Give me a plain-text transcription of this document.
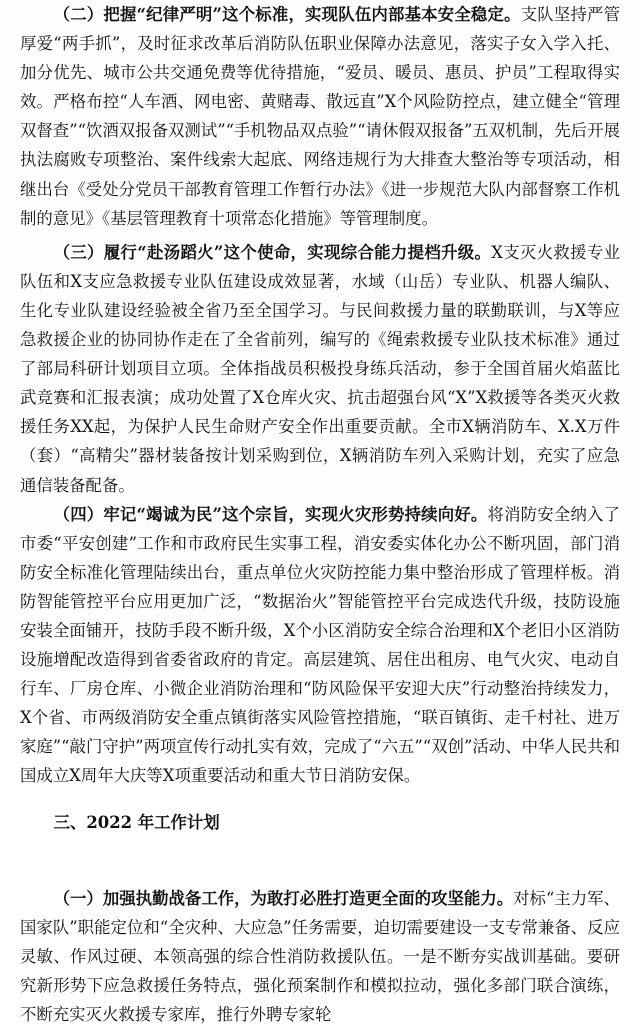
（二）把握“纪律严明”这个标准，实现队伍内部基本安全稳定。支队坚持严管厚爱“两手抓”，及时征求改革后消防队伍职业保障办法意见，落实子女入学入托、加分优先、城市公共交通免费等优待措施，“爱员、暖员、惠员、护员”工程取得实效。严格布控“人车酒、网电密、黄赌毒、散远直”X个风险防控点，建立健全“管理双督查”“饮酒双报备双测试”“手机物品双点验”“请休假双报备”五双机制，先后开展执法腐败专项整治、案件线索大起底、网络违规行为大排查大整治等专项活动，相继出台《受处分党员干部教育管理工作暂行办法》《进一步规范大队内部督察工作机制的意见》《基层管理教育十项常态化措施》等管理制度。

（三）履行“赴汤蹈火”这个使命，实现综合能力提档升级。X支灭火救援专业队伍和X支应急救援专业队伍建设成效显著，水域（山岳）专业队、机器人编队、生化专业队建设经验被全省乃至全国学习。与民间救援力量的联勤联训，与X等应急救援企业的协同协作走在了全省前列，编写的《绳索救援专业队技术标准》通过了部局科研计划项目立项。全体指战员积极投身练兵活动，参于全国首届火焰蓝比武竞赛和汇报表演；成功处置了X仓库火灾、抗击超强台风“X”X救援等各类灭火救援任务XX起，为保护人民生命财产安全作出重要贡献。全市X辆消防车、X.X万件（套）“高精尖”器材装备按计划采购到位，X辆消防车列入采购计划，充实了应急通信装备配备。

（四）牢记“竭诚为民”这个宗旨，实现火灾形势持续向好。将消防安全纳入了市委“平安创建”工作和市政府民生实事工程，消安委实体化办公不断巩固，部门消防安全标准化管理陆续出台，重点单位火灾防控能力集中整治形成了管理样板。消防智能管控平台应用更加广泛，“数据治火”智能管控平台完成迭代升级，技防设施安装全面铺开，技防手段不断升级，X个小区消防安全综合治理和X个老旧小区消防设施增配改造得到省委省政府的肯定。高层建筑、居住出租房、电气火灾、电动自行车、厂房仓库、小微企业消防治理和“防风险保平安迎大庆”行动整治持续发力，X个省、市两级消防安全重点镇街落实风险管控措施，“联百镇街、走千村社、进万家庭”“敲门守护”两项宣传行动扎实有效，完成了“六五”“双创”活动、中华人民共和国成立X周年大庆等X项重要活动和重大节日消防安保。

三、2022 年工作计划

（一）加强执勤战备工作，为敢打必胜打造更全面的攻坚能力。对标“主力军、国家队”职能定位和“全灾种、大应急”任务需要，迫切需要建设一支专常兼备、反应灵敏、作风过硬、本领高强的综合性消防救援队伍。一是不断夯实战训基础。要研究新形势下应急救援任务特点，强化预案制作和模拟拉动，强化多部门联合演练，不断充实灭火救援专家库，推行外聘专家轮
